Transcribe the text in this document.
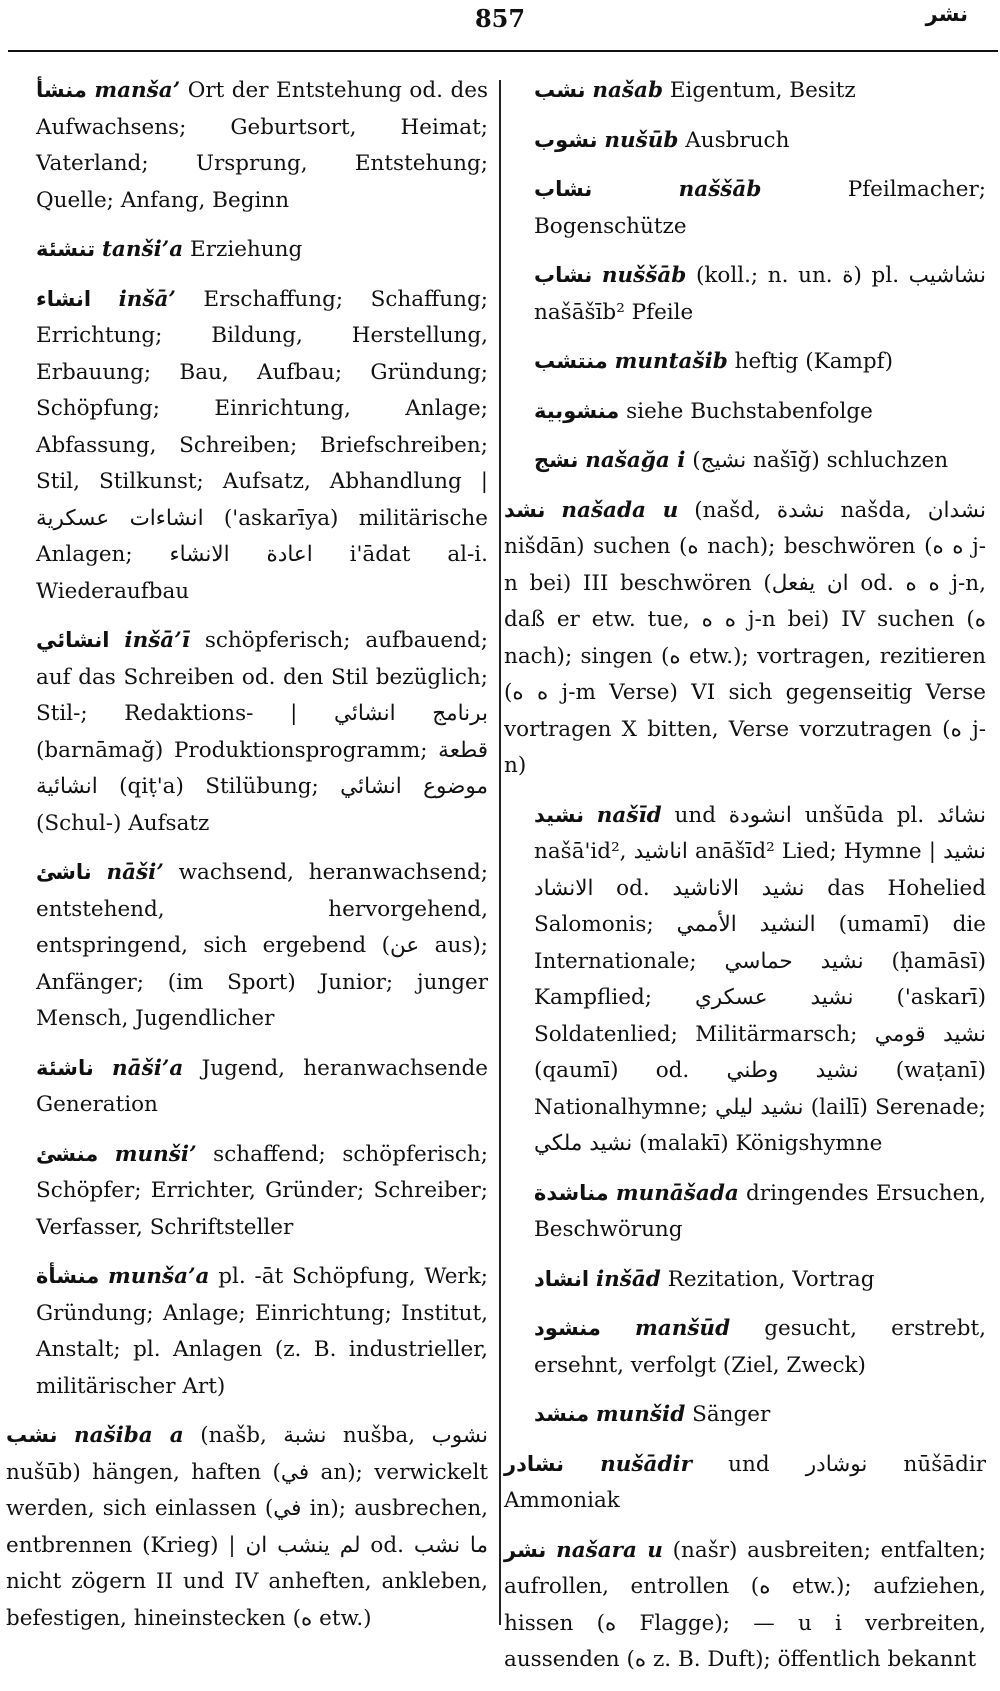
857	نشر

منشأ manša’ Ort der Entstehung od. des Aufwachsens; Geburtsort, Heimat; Vaterland; Ursprung, Entstehung; Quelle; Anfang, Beginn

تنشئة tanši’a Erziehung

انشاء inšā’ Erschaffung; Schaffung; Errichtung; Bildung, Herstellung, Erbauung; Bau, Aufbau; Gründung; Schöpfung; Einrichtung, Anlage; Abfassung, Schreiben; Briefschreiben; Stil, Stilkunst; Aufsatz, Abhandlung | انشاءات عسكرية ('askarīya) militärische Anlagen; اعادة الانشاء i'ādat al-i. Wiederaufbau

انشائي inšā’ī schöpferisch; aufbauend; auf das Schreiben od. den Stil bezüglich; Stil-; Redaktions- | برنامج انشائي (barnāmağ) Produktionsprogramm; قطعة انشائية (qiṭ'a) Stilübung; موضوع انشائي (Schul-) Aufsatz

ناشئ nāši’ wachsend, heranwachsend; entstehend, hervorgehend, entspringend, sich ergebend (عن aus); Anfänger; (im Sport) Junior; junger Mensch, Jugendlicher

ناشئة nāši’a Jugend, heranwachsende Generation

منشئ munši’ schaffend; schöpferisch; Schöpfer; Errichter, Gründer; Schreiber; Verfasser, Schriftsteller

منشأة munša’a pl. -āt Schöpfung, Werk; Gründung; Anlage; Einrichtung; Institut, Anstalt; pl. Anlagen (z. B. industrieller, militärischer Art)

نشب našiba a (našb, نشبة nušba, نشوب nušūb) hängen, haften (في an); verwickelt werden, sich einlassen (في in); ausbrechen, entbrennen (Krieg) | لم ينشب ان od. ما نشب nicht zögern II und IV anheften, ankleben, befestigen, hineinstecken (ه etw.)

نشب našab Eigentum, Besitz

نشوب nušūb Ausbruch

نشاب	naššāb	Pfeilmacher; Bogenschütze

نشاب nuššāb (koll.; n. un. ة) pl. نشاشيب našāšīb² Pfeile

منتشب muntašib heftig (Kampf)

منشوبية siehe Buchstabenfolge

نشج našağa i (نشيج našīğ) schluchzen

نشد našada u (našd, نشدة našda, نشدان nišdān) suchen (ه nach); beschwören (ه ه j-n bei) III beschwören (ان يفعل od. ه ه j-n, daß er etw. tue, ه ه j-n bei) IV suchen (ه nach); singen (ه etw.); vortragen, rezitieren (ه ه j-m Verse) VI sich gegenseitig Verse vortragen X bitten, Verse vorzutragen (ه j-n)

نشيد našīd und انشودة unšūda pl. نشائد našā'id², اناشيد anāšīd² Lied; Hymne | نشيد الانشاد od. نشيد الاناشيد das Hohelied Salomonis; النشيد الأممي (umamī) die Internationale; نشيد حماسي (ḥamāsī) Kampflied; نشيد عسكري ('askarī) Soldatenlied; Militärmarsch; نشيد قومي (qaumī) od. نشيد وطني (waṭanī) Nationalhymne; نشيد ليلي (lailī) Serenade; نشيد ملكي (malakī) Königshymne

مناشدة munāšada dringendes Ersuchen, Beschwörung

انشاد inšād Rezitation, Vortrag

منشود manšūd gesucht, erstrebt, ersehnt, verfolgt (Ziel, Zweck)

منشد munšid Sänger

نشادر nušādir und نوشادر nūšādir Ammoniak

نشر našara u (našr) ausbreiten; entfalten; aufrollen, entrollen (ه etw.); aufziehen, hissen (ه Flagge); — u i verbreiten, aussenden (ه z. B. Duft); öffentlich bekannt
